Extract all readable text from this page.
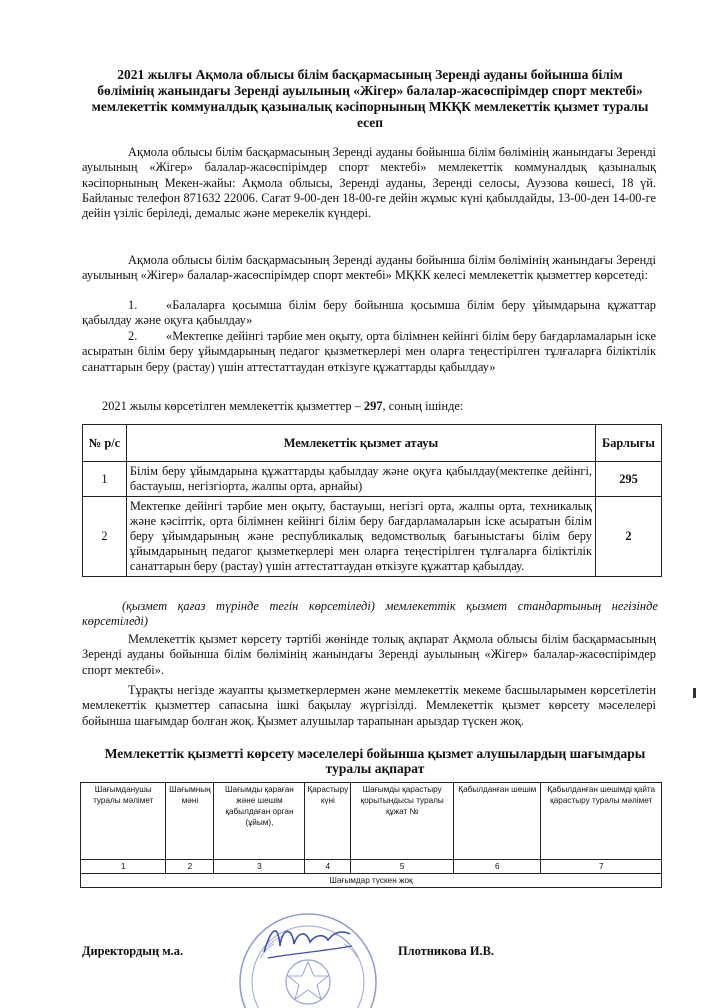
2021 жылғы Ақмола облысы білім басқармасының Зеренді ауданы бойынша білім бөлімінің жанындағы Зеренді ауылының «Жігер» балалар-жасөспірімдер спорт мектебі» мемлекеттік коммуналдық қазыналық кәсіпорнының МКҚК мемлекеттік қызмет туралы есеп

Ақмола облысы білім басқармасының Зеренді ауданы бойынша білім бөлімінің жанындағы Зеренді ауылының «Жігер» балалар-жасөспірімдер спорт мектебі» мемлекеттік коммуналдық қазыналық кәсіпорнының Мекен-жайы: Ақмола облысы, Зеренді ауданы, Зеренді селосы, Ауэзова көшесі, 18 үй. Байланыс телефон 871632 22006. Сағат 9-00-ден 18-00-ге дейін жұмыс күні қабылдайды, 13-00-ден 14-00-ге дейін үзіліс беріледі, демалыс және мерекелік күндері.

Ақмола облысы білім басқармасының Зеренді ауданы бойынша білім бөлімінің жанындағы Зеренді ауылының «Жігер» балалар-жасөспірімдер спорт мектебі» МҚКК келесі мемлекеттік қызметтер көрсетеді:

1. «Балаларға қосымша білім беру бойынша қосымша білім беру ұйымдарына құжаттар қабылдау және оқуға қабылдау»

2. «Мектепке дейінгі тәрбие мен оқыту, орта білімнен кейінгі білім беру бағдарламаларын іске асыратын білім беру ұйымдарының педагог қызметкерлері мен оларға теңестірілген тұлғаларға біліктілік санаттарын беру (растау) үшін аттестаттаудан өткізуге құжаттарды қабылдау»

2021 жылы көрсетілген мемлекеттік қызметтер – 297, соның ішінде:

№ р/с	Мемлекеттік қызмет атауы	Барлығы
1	Білім беру ұйымдарына құжаттарды қабылдау және оқуға қабылдау(мектепке дейінгі, бастауыш, негізгіорта, жалпы орта, арнайы)	295
2	Мектепке дейінгі тәрбие мен оқыту, бастауыш, негізгі орта, жалпы орта, техникалық және кәсіптік, орта білімнен кейінгі білім беру бағдарламаларын іске асыратын білім беру ұйымдарының және республикалық ведомстволық бағыныстағы білім беру ұйымдарының педагог қызметкерлері мен оларға теңестірілген тұлғаларға біліктілік санаттарын беру (растау) үшін аттестаттаудан өткізуге құжаттар қабылдау.	2

(қызмет қағаз түрінде тегін көрсетіледі) мемлекеттік қызмет стандартының негізінде көрсетіледі)

Мемлекеттік қызмет көрсету тәртібі жөнінде толық ақпарат Ақмола облысы білім басқармасының Зеренді ауданы бойынша білім бөлімінің жанындағы Зеренді ауылының «Жігер» балалар-жасөспірімдер спорт мектебі».

Тұрақты негізде жауапты қызметкерлермен және мемлекеттік мекеме басшыларымен көрсетілетін мемлекеттік қызметтер сапасына ішкі бақылау жүргізілді. Мемлекеттік қызмет көрсету мәселелері бойынша шағымдар болған жоқ. Қызмет алушылар тарапынан арыздар түскен жоқ.

Мемлекеттік қызметті көрсету мәселелері бойынша қызмет алушылардың шағымдары туралы ақпарат
Шағымданушы туралы мәлімет	Шағымның мәні	Шағымды қараған және шешім қабылдаған орган (ұйым),	Қарастыру күні	Шағымды қарастыру қорытындысы туралы құжат №	Қабылданған шешім	Қабылданған шешімді қайта қарастыру туралы мәлімет
1	2	3	4	5	6	7
Шағымдар түскен жоқ						
Директордың м.а.	Плотникова И.В.
